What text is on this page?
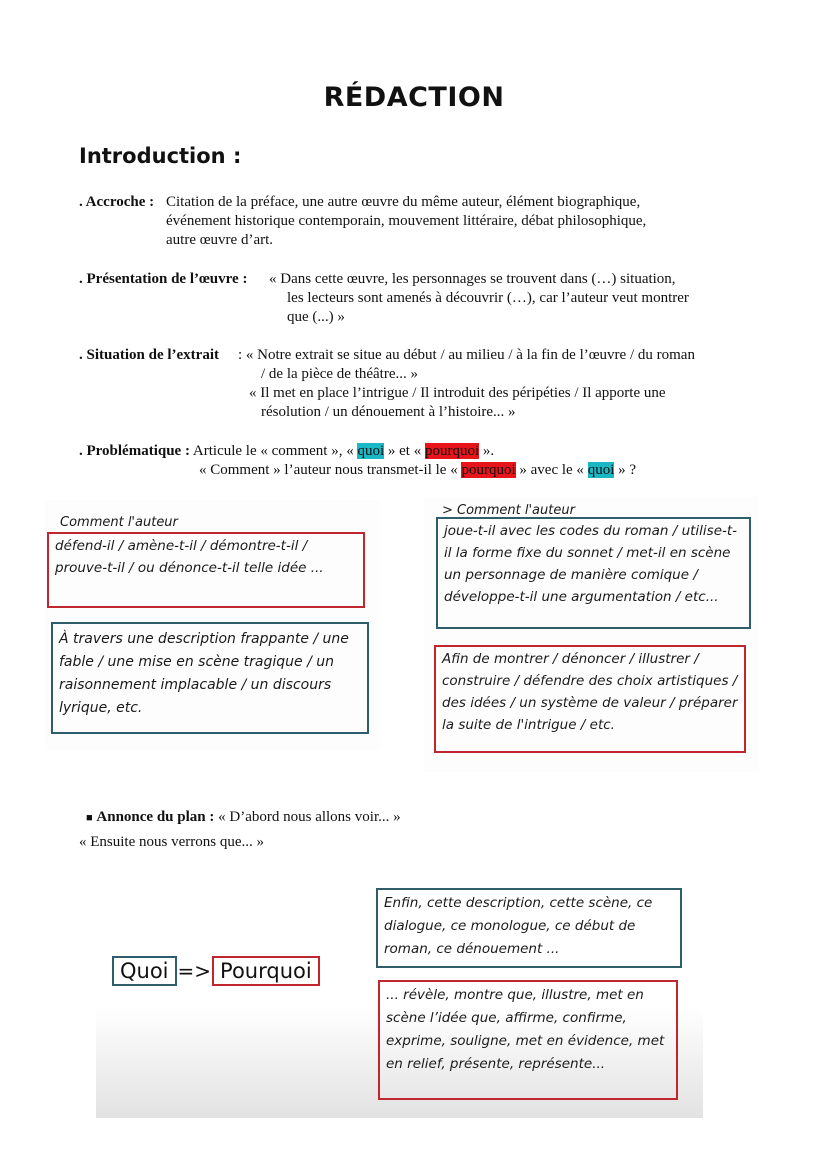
RÉDACTION
Introduction :
. Accroche : Citation de la préface, une autre œuvre du même auteur, élément biographique,
événement historique contemporain, mouvement littéraire, débat philosophique,
autre œuvre d’art.
. Présentation de l’œuvre : « Dans cette œuvre, les personnages se trouvent dans (…) situation,
les lecteurs sont amenés à découvrir (…), car l’auteur veut montrer
que (...) »
. Situation de l’extrait : « Notre extrait se situe au début / au milieu / à la fin de l’œuvre / du roman
/ de la pièce de théâtre... »
« Il met en place l’intrigue / Il introduit des péripéties / Il apporte une
résolution / un dénouement à l’histoire... »
. Problématique : Articule le « comment », « quoi » et « pourquoi ».
« Comment » l’auteur nous transmet-il le « pourquoi » avec le « quoi » ?
Comment l'auteur
défend-il / amène-t-il / démontre-t-il / prouve-t-il / ou dénonce-t-il telle idée ...
À travers une description frappante / une fable / une mise en scène tragique / un raisonnement implacable / un discours lyrique, etc.
> Comment l'auteur
joue-t-il avec les codes du roman / utilise-t-il la forme fixe du sonnet / met-il en scène un personnage de manière comique / développe-t-il une argumentation / etc...
Afin de montrer / dénoncer / illustrer / construire / défendre des choix artistiques / des idées / un système de valeur / préparer la suite de l'intrigue / etc.
■ Annonce du plan : « D’abord nous allons voir... »
« Ensuite nous verrons que... »
Quoi => Pourquoi
Enfin, cette description, cette scène, ce dialogue, ce monologue, ce début de roman, ce dénouement ...
... révèle, montre que, illustre, met en scène l’idée que, affirme, confirme, exprime, souligne, met en évidence, met en relief, présente, représente...
